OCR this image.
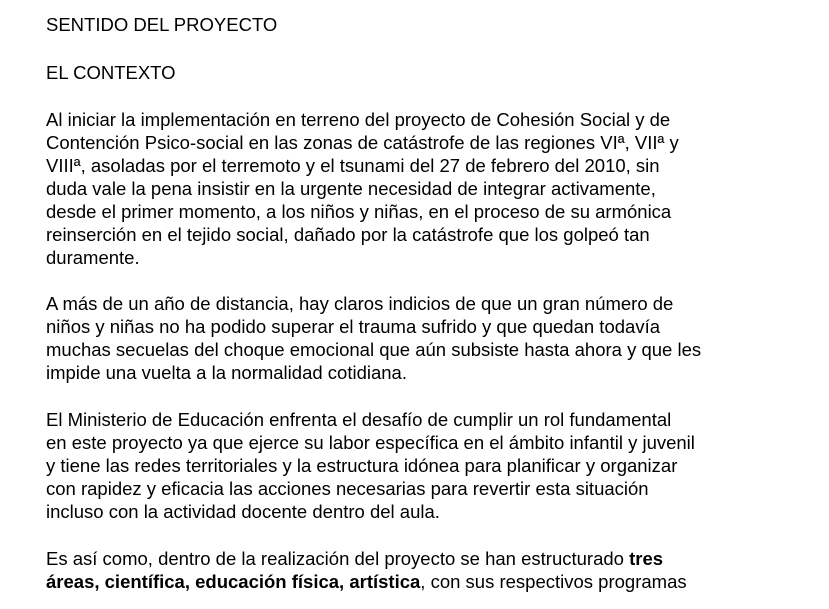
SENTIDO DEL PROYECTO

EL CONTEXTO

Al iniciar la implementación en terreno del proyecto de Cohesión Social y de

Contención Psico-social en las zonas de catástrofe de las regiones VIª, VIIª y

VIIIª, asoladas por el terremoto y el tsunami del 27 de febrero del 2010, sin

duda vale la pena insistir en la urgente necesidad de integrar activamente,

desde el primer momento, a los niños y niñas, en el proceso de su armónica

reinserción en el tejido social, dañado por la catástrofe que los golpeó tan

duramente.

A más de un año de distancia, hay claros indicios de que un gran número de

niños y niñas no ha podido superar el trauma sufrido y que quedan todavía

muchas secuelas del choque emocional que aún subsiste hasta ahora y que les

impide una vuelta a la normalidad cotidiana.

El Ministerio de Educación enfrenta el desafío de cumplir un rol fundamental

en este proyecto ya que ejerce su labor específica en el ámbito infantil y juvenil

y tiene las redes territoriales y la estructura idónea para planificar y organizar

con rapidez y eficacia las acciones necesarias para revertir esta situación

incluso con la actividad docente dentro del aula.

Es así como, dentro de la realización del proyecto se han estructurado tres

áreas, científica, educación física, artística, con sus respectivos programas
